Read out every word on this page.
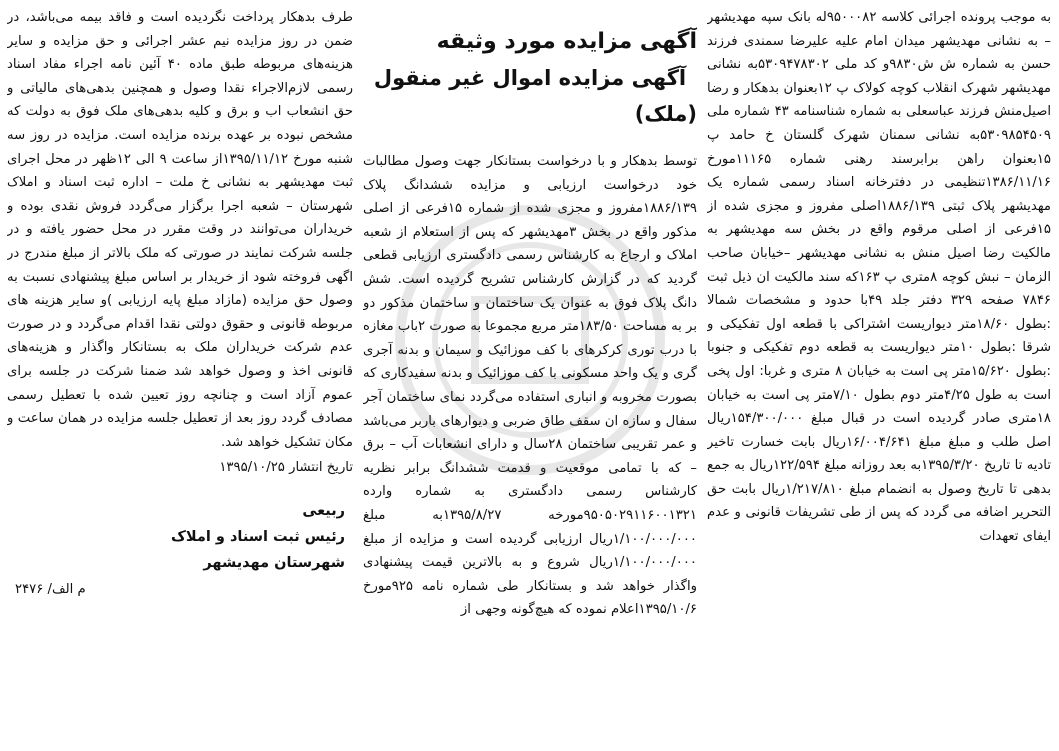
به موجب پرونده اجرائی کلاسه ۹۵۰۰۰۸۲له بانک سپه مهدیشهر – به نشانی مهدیشهر میدان امام علیه علیرضا سمندی فرزند حسن به شماره ش ش۹۸۳۰و کد ملی ۵۳۰۹۴۷۸۳۰۲به نشانی مهدیشهر شهرک انقلاب کوچه کولاک پ ۱۲بعنوان بدهکار و رضا اصیل‌منش فرزند عباسعلی به شماره شناسنامه ۴۳ شماره ملی ۵۳۰۹۸۵۴۵۰۹به نشانی سمنان شهرک گلستان خ حامد پ ۱۵بعنوان راهن برابرسند رهنی شماره ۱۱۱۶۵مورخ ۱۳۸۶/۱۱/۱۶تنظیمی در دفترخانه اسناد رسمی شماره یک مهدیشهر پلاک ثبتی ۱۸۸۶/۱۳۹اصلی مفروز و مجزی شده از ۱۵فرعی از اصلی مرقوم واقع در بخش سه مهدیشهر به مالکیت رضا اصیل منش به نشانی مهدیشهر –خیابان صاحب الزمان – نبش کوچه ۸متری پ ۱۶۳که سند مالکیت ان ذیل ثبت ۷۸۴۶ صفحه ۳۲۹ دفتر جلد ۴۹با حدود و مشخصات شمالا :بطول ۱۸/۶۰متر دیواریست اشتراکی با قطعه اول تفکیکی و شرقا :بطول ۱۰متر دیواریست به قطعه دوم تفکیکی و جنوبا :بطول ۱۵/۶۲۰متر پی است به خیابان ۸ متری و غربا: اول پخی است به طول ۴/۲۵متر دوم بطول ۷/۱۰متر پی است به خیابان ۱۸متری صادر گردیده است در قبال مبلغ ۱۵۴/۳۰۰/۰۰۰ریال اصل طلب و مبلغ مبلغ ۱۶/۰۰۴/۶۴۱ریال بابت خسارت تاخیر تادیه تا تاریخ ۱۳۹۵/۳/۲۰به بعد روزانه مبلغ ۱۲۲/۵۹۴ریال به جمع بدهی تا تاریخ وصول به انضمام مبلغ ۱/۲۱۷/۸۱۰ریال بابت حق التحریر اضافه می گردد که پس از طی تشریفات قانونی و عدم ایفای تعهدات

آگهی مزایده مورد وثیقه

آگهی مزایده اموال غیر منقول (ملک)

توسط بدهکار و با درخواست بستانکار جهت وصول مطالبات خود درخواست ارزیابی و مزایده ششدانگ پلاک ۱۸۸۶/۱۳۹مفروز و مجزی شده از شماره ۱۵فرعی از اصلی مذکور واقع در بخش ۳مهدیشهر که پس از استعلام از شعبه املاک و ارجاع به کارشناس رسمی دادگستری ارزیابی قطعی گردید که در گزارش کارشناس تشریح گردیده است. شش دانگ پلاک فوق به عنوان یک ساختمان و ساختمان مذکور دو بر به مساحت ۱۸۳/۵۰متر مربع مجموعا به صورت ۲باب مغازه با درب توری کرکرهای با کف موزائیک و سیمان و بدنه آجری گری و یک واحد مسکونی با کف موزائیک و بدنه سفیدکاری که بصورت مخروبه و انباری استفاده می‌گردد نمای ساختمان آجر سفال و سازه ان سقف طاق ضربی و دیوارهای باربر می‌باشد و عمر تقریبی ساختمان ۲۸سال و دارای انشعابات آب – برق – که با تمامی موقعیت و قدمت ششدانگ برابر نظریه کارشناس رسمی دادگستری به شماره وارده ۹۵۰۵۰۲۹۱۱۶۰۰۱۳۲۱مورخه ۱۳۹۵/۸/۲۷به مبلغ ۱/۱۰۰/۰۰۰/۰۰۰ریال ارزیابی گردیده است و مزایده از مبلغ ۱/۱۰۰/۰۰۰/۰۰۰ریال شروع و به بالاترین قیمت پیشنهادی واگذار خواهد شد و بستانکار طی شماره نامه ۹۲۵مورخ ۱۳۹۵/۱۰/۶اعلام نموده که هیچ‌گونه وجهی از

طرف بدهکار پرداخت نگردیده است و فاقد بیمه می‌باشد، در ضمن در روز مزایده نیم عشر اجرائی و حق مزایده و سایر هزینه‌های مربوطه طبق ماده ۴۰ آئین نامه اجراء مفاد اسناد رسمی لازم‌الاجراء نقدا وصول و همچنین بدهی‌های مالیاتی و حق انشعاب اب و برق و کلیه بدهی‌های ملک فوق به دولت که مشخص نبوده بر عهده برنده مزایده است. مزایده در روز سه شنبه مورخ ۱۳۹۵/۱۱/۱۲از ساعت ۹ الی ۱۲ظهر در محل اجرای ثبت مهدیشهر به نشانی خ ملت – اداره ثبت اسناد و املاک شهرستان – شعبه اجرا برگزار می‌گردد فروش نقدی بوده و خریداران می‌توانند در وقت مقرر در محل حضور یافته و در جلسه شرکت نمایند در صورتی که ملک بالاتر از مبلغ مندرج در اگهی فروخته شود از خریدار بر اساس مبلغ پیشنهادی نسبت به وصول حق مزایده (مازاد مبلغ پایه ارزیابی )و سایر هزینه های مربوطه قانونی و حقوق دولتی نقدا اقدام می‌گردد و در صورت عدم شرکت خریداران ملک به بستانکار واگذار و هزینه‌های قانونی اخذ و وصول خواهد شد ضمنا شرکت در جلسه برای عموم آزاد است و چنانچه روز تعیین شده با تعطیل رسمی مصادف گردد روز بعد از تعطیل جلسه مزایده در همان ساعت و مکان تشکیل خواهد شد.

تاریخ انتشار ۱۳۹۵/۱۰/۲۵

ربیعی

رئیس ثبت اسناد و املاک

شهرستان مهدیشهر

م الف/ ۲۴۷۶
